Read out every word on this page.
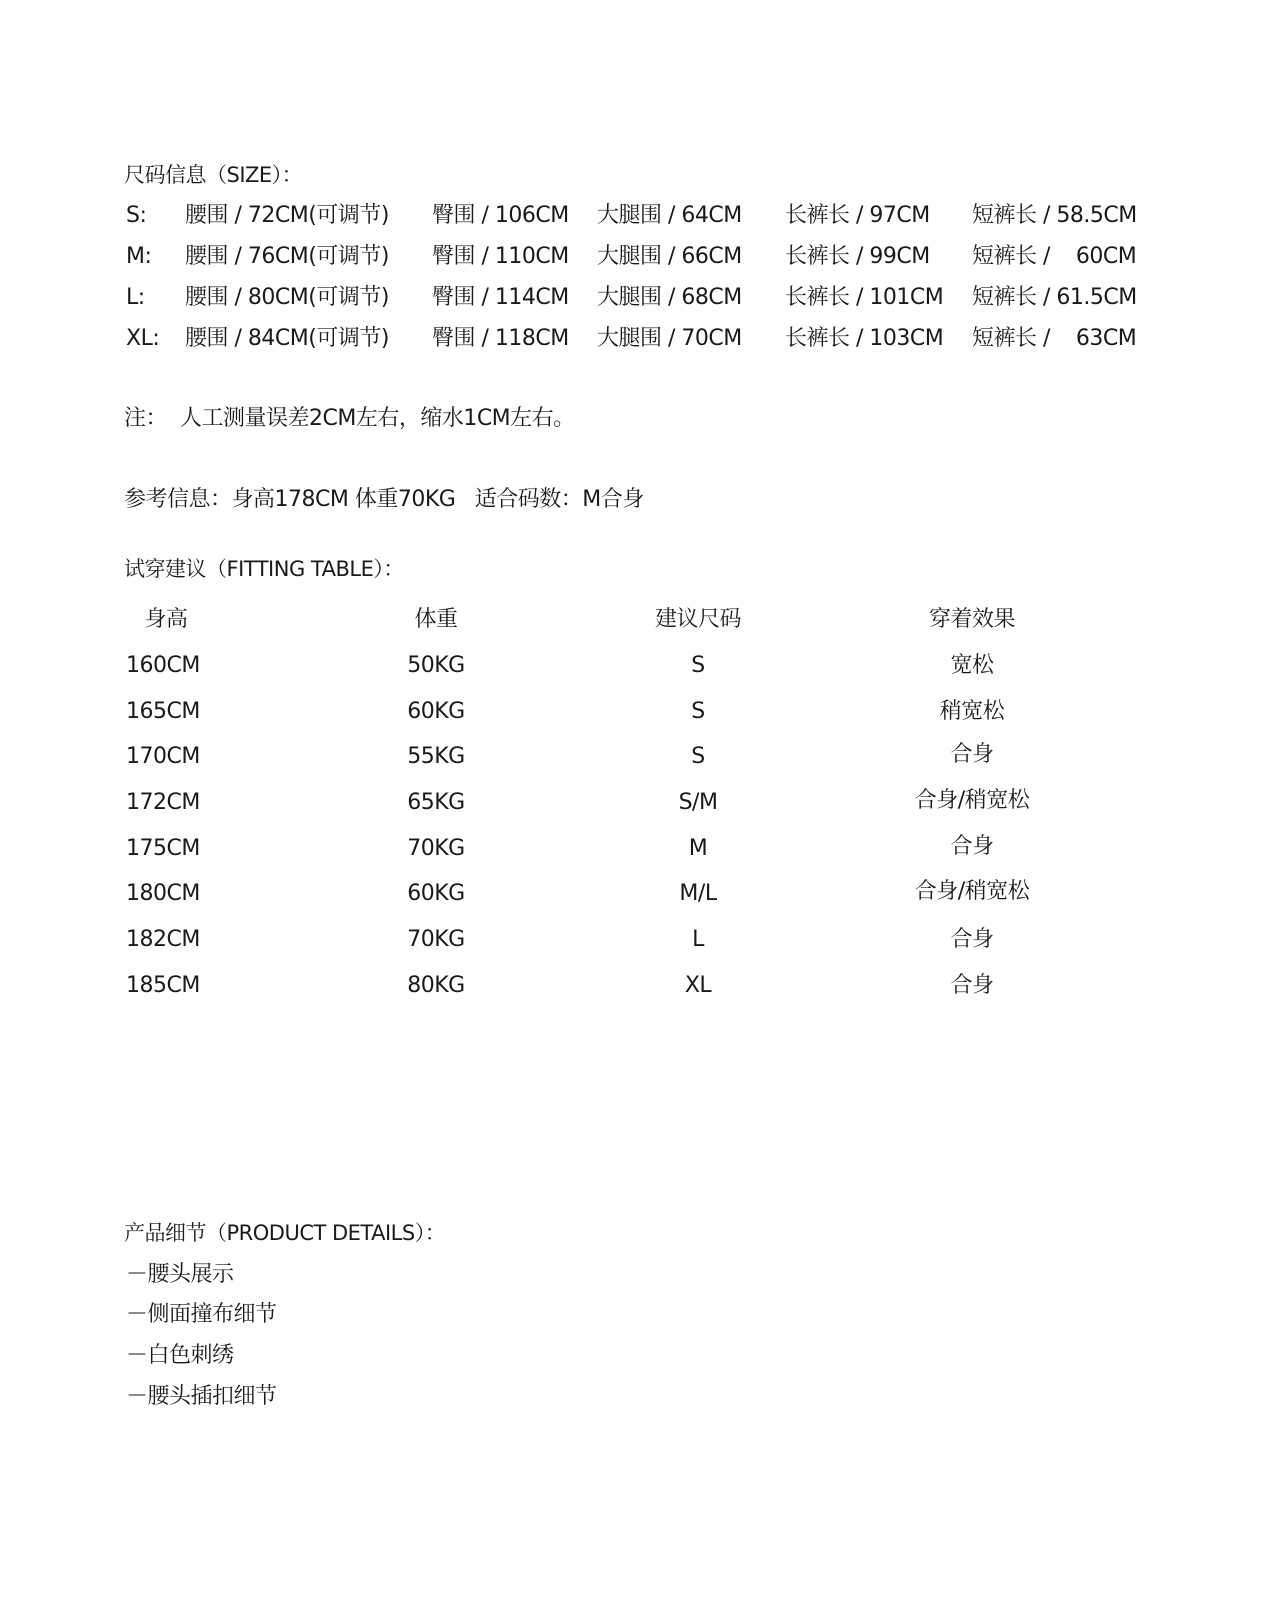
尺码信息（SIZE）：
S: 腰围 / 72CM(可调节) 臀围 / 106CM 大腿围 / 64CM 长裤长 / 97CM 短裤长 / 58.5CM
M: 腰围 / 76CM(可调节) 臀围 / 110CM 大腿围 / 66CM 长裤长 / 99CM 短裤长 /    60CM
L: 腰围 / 80CM(可调节) 臀围 / 114CM 大腿围 / 68CM 长裤长 / 101CM 短裤长 / 61.5CM
XL: 腰围 / 84CM(可调节) 臀围 / 118CM 大腿围 / 70CM 长裤长 / 103CM 短裤长 /    63CM
注：  人工测量误差2CM左右，缩水1CM左右。
参考信息：身高178CM 体重70KG   适合码数：M合身
试穿建议（FITTING TABLE）：
身高	体重	建议尺码	穿着效果
160CM	50KG	S	宽松
165CM	60KG	S	稍宽松
170CM	55KG	S	合身
172CM	65KG	S/M	合身/稍宽松
175CM	70KG	M	合身
180CM	60KG	M/L	合身/稍宽松
182CM	70KG	L	合身
185CM	80KG	XL	合身
产品细节（PRODUCT DETAILS）：
－腰头展示
－侧面撞布细节
－白色刺绣
－腰头插扣细节
